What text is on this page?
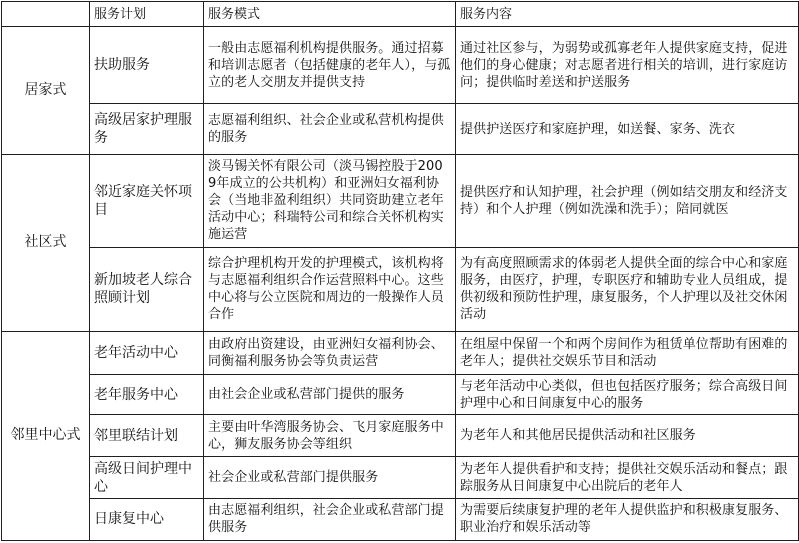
	服务计划	服务模式	服务内容
居家式	扶助服务	一般由志愿福利机构提供服务。通过招募和培训志愿者（包括健康的老年人），与孤立的老人交朋友并提供支持	通过社区参与，为弱势或孤寡老年人提供家庭支持，促进他们的身心健康；对志愿者进行相关的培训，进行家庭访问；提供临时差送和护送服务
	高级居家护理服务	志愿福利组织、社会企业或私营机构提供的服务	提供护送医疗和家庭护理，如送餐、家务、洗衣
社区式	邻近家庭关怀项目	淡马锡关怀有限公司（淡马锡控股于2009年成立的公共机构）和亚洲妇女福利协会（当地非盈利组织）共同资助建立老年活动中心；科瑞特公司和综合关怀机构实施运营	提供医疗和认知护理，社会护理（例如结交朋友和经济支持）和个人护理（例如洗澡和洗手）；陪同就医
	新加坡老人综合照顾计划	综合护理机构开发的护理模式，该机构将与志愿福利组织合作运营照料中心。这些中心将与公立医院和周边的一般操作人员合作	为有高度照顾需求的体弱老人提供全面的综合中心和家庭服务，由医疗，护理，专职医疗和辅助专业人员组成，提供初级和预防性护理，康复服务，个人护理以及社交休闲活动
邻里中心式	老年活动中心	由政府出资建设，由亚洲妇女福利协会、同衡福利服务协会等负责运营	在组屋中保留一个和两个房间作为租赁单位帮助有困难的老年人；提供社交娱乐节目和活动
	老年服务中心	由社会企业或私营部门提供的服务	与老年活动中心类似，但也包括医疗服务；综合高级日间护理中心和日间康复中心的服务
	邻里联结计划	主要由叶华湾服务协会、飞月家庭服务中心，狮友服务协会等组织	为老年人和其他居民提供活动和社区服务
	高级日间护理中心	社会企业或私营部门提供服务	为老年人提供看护和支持；提供社交娱乐活动和餐点；跟踪服务从日间康复中心出院后的老年人
	日康复中心	由志愿福利组织，社会企业或私营部门提供服务	为需要后续康复护理的老年人提供监护和积极康复服务、职业治疗和娱乐活动等
